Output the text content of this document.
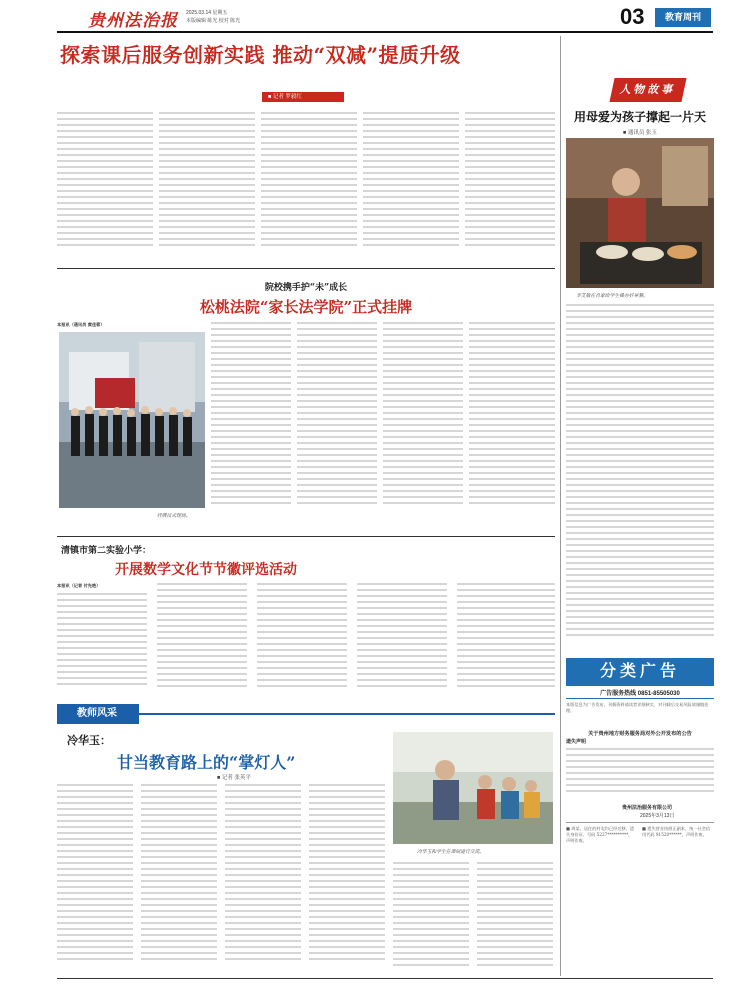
贵州法治报 2025.03.14 星期五
本版编辑 陈光 校对 陈光	03	教育周刊
探索课后服务创新实践 推动“双减”提质升级
■ 记者 罗毅红
院校携手护“未”成长
松桃法院“家长法学院”正式挂牌
本报讯（通讯员 黄佳蓉）
挂牌仪式现场。
清镇市第二实验小学：
开展数学文化节节徽评选活动
本报讯（记者 付先艳）
教师风采
冷华玉：
甘当教育路上的“掌灯人”
■ 记者 张英平
冷华玉和学生在课间进行交流。
人物故事
用母爱为孩子撑起一片天
■ 通讯员 张玉
李艾敏在自家给学生操办好早餐。
分类广告
广告服务热线 0851-85505030
本版信息为广告发布，刊载资料请读者详细核实，对刊载后交易风险请谨慎处理。
关于贵州地方财务服务局对外公开发布的公告
遗失声明
贵州法治服务有限公司
2025年3月13日
■ 周某，居住的村屯均已经迁移，遗失身份证，号码 5227**********，声明作废。
■ 遗失营业执照正副本，统一社会信用代码 91520******，声明作废。
